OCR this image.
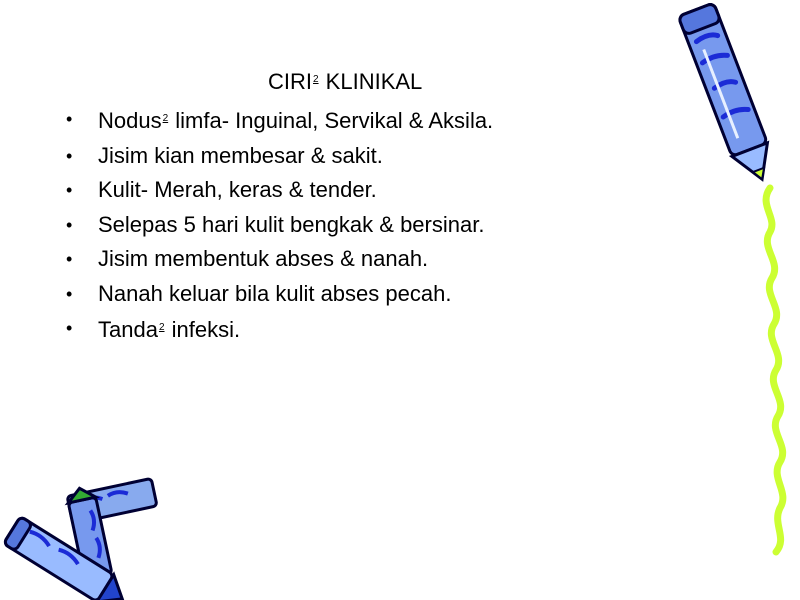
CIRI$^2$ KLINIKAL
• Nodus$^2$ limfa- Inguinal, Servikal & Aksila.
• Jisim kian membesar & sakit.
• Kulit- Merah, keras & tender.
• Selepas 5 hari kulit bengkak & bersinar.
• Jisim membentuk abses & nanah.
• Nanah keluar bila kulit abses pecah.
• Tanda$^2$ infeksi.
